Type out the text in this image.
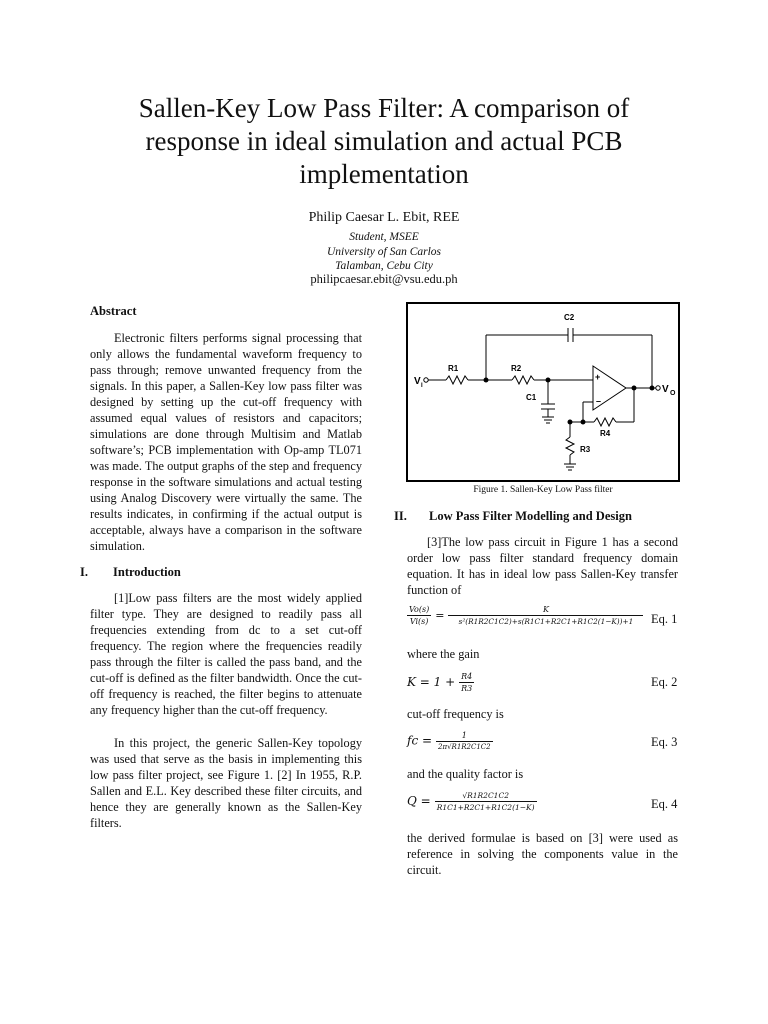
Sallen-Key Low Pass Filter: A comparison of response in ideal simulation and actual PCB implementation
Philip Caesar L. Ebit, REE
Student, MSEE
University of San Carlos
Talamban, Cebu City
philipcaesar.ebit@vsu.edu.ph
Abstract

Electronic filters performs signal processing that only allows the fundamental waveform frequency to pass through; remove unwanted frequency from the signals. In this paper, a Sallen-Key low pass filter was designed by setting up the cut-off frequency with assumed equal values of resistors and capacitors; simulations are done through Multisim and Matlab software’s; PCB implementation with Op-amp TL071 was made. The output graphs of the step and frequency response in the software simulations and actual testing using Analog Discovery were virtually the same. The results indicates, in confirming if the actual output is acceptable, always have a comparison in the software simulation.

I. Introduction

[1]Low pass filters are the most widely applied filter type. They are designed to readily pass all frequencies extending from dc to a set cut-off frequency. The region where the frequencies readily pass through the filter is called the pass band, and the cut-off is defined as the filter bandwidth. Once the cut-off frequency is reached, the filter begins to attenuate any frequency higher than the cut-off frequency.

In this project, the generic Sallen-Key topology was used that serve as the basis in implementing this low pass filter project, see Figure 1. [2] In 1955, R.P. Sallen and E.L. Key described these filter circuits, and hence they are generally known as the Sallen-Key filters.

C2
R1	R2
C1
R4
R3
V I	V O
+
–
Figure 1. Sallen-Key Low Pass filter
II. Low Pass Filter Modelling and Design

[3]The low pass circuit in Figure 1 has a second order low pass filter standard frequency domain equation. It has in ideal low pass Sallen-Key transfer function of

$\frac{Vo(s)}{Vi(s)} = \frac{K}{\text{s²(R1R2C1C2)+s(R1C1+R2C1+R1C2(1−K))+1}} Eq$. 1
where the gain
$K = 1 + \frac{R4}{R3}$	Eq. 2
cut-off frequency is
fc = $\frac{1}{2\pi√R1R2C1C2}$	Eq. 3
and the quality factor is
$Q = \frac{√R1R2C1C2}{R1C1+R2C1+R1C2(1-K)}$	Eq. 4

the derived formulae is based on [3] were used as reference in solving the components value in the circuit.
